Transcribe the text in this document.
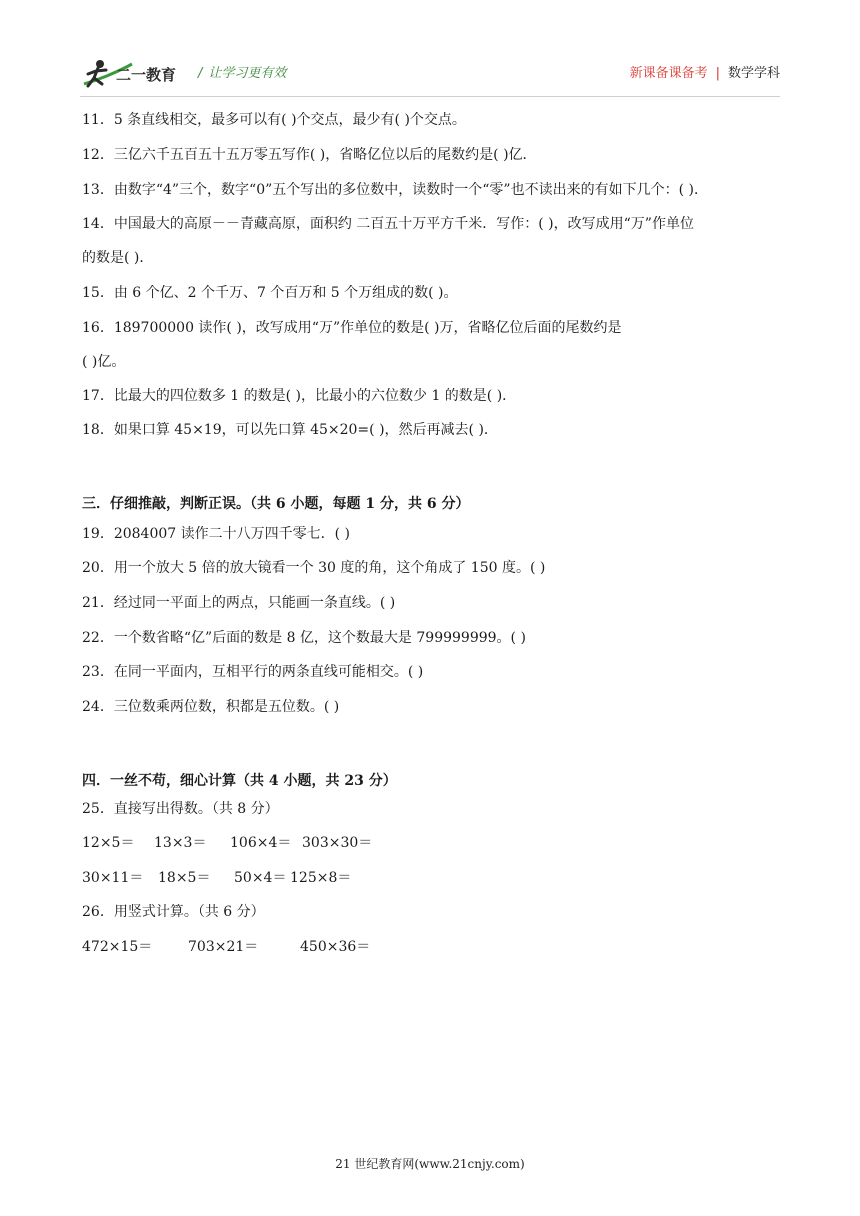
二一教育 / 让学习更有效	新课备课备考 | 数学学科
11．5 条直线相交，最多可以有( )个交点，最少有( )个交点。
12．三亿六千五百五十五万零五写作( )，省略亿位以后的尾数约是( )亿．
13．由数字“4”三个，数字“0”五个写出的多位数中，读数时一个“零”也不读出来的有如下几个：( )．
14．中国最大的高原－－青藏高原，面积约 二百五十万平方千米．写作：( )，改写成用“万”作单位
的数是( )．
15．由 6 个亿、2 个千万、7 个百万和 5 个万组成的数( )。
16．189700000 读作( )，改写成用“万”作单位的数是( )万，省略亿位后面的尾数约是
( )亿。
17．比最大的四位数多 1 的数是( )，比最小的六位数少 1 的数是( )．
18．如果口算 45×19，可以先口算 45×20=( )，然后再减去( )．
三．仔细推敲，判断正误。（共 6 小题，每题 1 分，共 6 分）
19．2084007 读作二十八万四千零七．( )
20．用一个放大 5 倍的放大镜看一个 30 度的角，这个角成了 150 度。( )
21．经过同一平面上的两点，只能画一条直线。( )
22．一个数省略“亿”后面的数是 8 亿，这个数最大是 799999999。( )
23．在同一平面内，互相平行的两条直线可能相交。( )
24．三位数乘两位数，积都是五位数。( )
四．一丝不苟，细心计算（共 4 小题，共 23 分）
25．直接写出得数。（共 8 分）
12×5＝ 13×3＝ 106×4＝ 303×30＝
30×11＝ 18×5＝ 50×4＝ 125×8＝
26．用竖式计算。（共 6 分）
472×15＝	703×21＝	450×36＝
21 世纪教育网(www.21cnjy.com)
